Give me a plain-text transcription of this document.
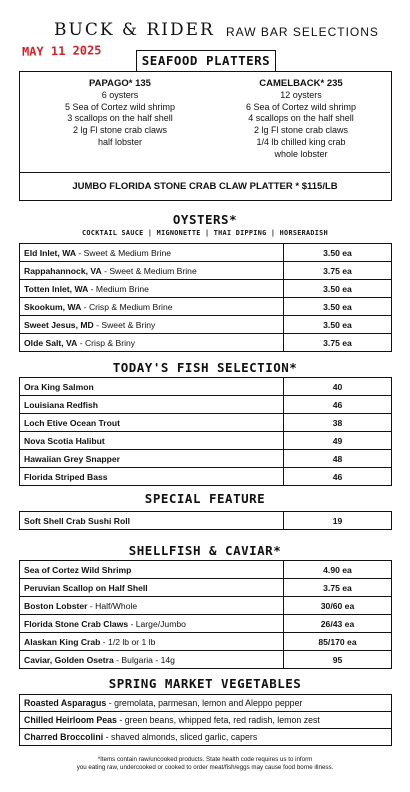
BUCK & RIDER RAW BAR SELECTIONS
MAY 11 2025
SEAFOOD PLATTERS
PAPAGO* 135
6 oysters
5 Sea of Cortez wild shrimp
3 scallops on the half shell
2 lg Fl stone crab claws
half lobster
CAMELBACK* 235
12 oysters
6 Sea of Cortez wild shrimp
4 scallops on the half shell
2 lg Fl stone crab claws
1/4 lb chilled king crab
whole lobster
JUMBO FLORIDA STONE CRAB CLAW PLATTER * $115/LB
OYSTERS*
COCKTAIL SAUCE | MIGNONETTE | THAI DIPPING | HORSERADISH
Eld Inlet, WA - Sweet & Medium Brine	3.50 ea
Rappahannock, VA - Sweet & Medium Brine	3.75 ea
Totten Inlet, WA - Medium Brine	3.50 ea
Skookum, WA - Crisp & Medium Brine	3.50 ea
Sweet Jesus, MD - Sweet & Briny	3.50 ea
Olde Salt, VA - Crisp & Briny	3.75 ea
TODAY'S FISH SELECTION*
Ora King Salmon	40
Louisiana Redfish	46
Loch Etive Ocean Trout	38
Nova Scotia Halibut	49
Hawaiian Grey Snapper	48
Florida Striped Bass	46
SPECIAL FEATURE
Soft Shell Crab Sushi Roll	19
SHELLFISH & CAVIAR*
Sea of Cortez Wild Shrimp	4.90 ea
Peruvian Scallop on Half Shell	3.75 ea
Boston Lobster - Half/Whole	30/60 ea
Florida Stone Crab Claws - Large/Jumbo	26/43 ea
Alaskan King Crab - 1/2 lb or 1 lb	85/170 ea
Caviar, Golden Osetra - Bulgaria - 14g	95
SPRING MARKET VEGETABLES
Roasted Asparagus - gremolata, parmesan, lemon and Aleppo pepper
Chilled Heirloom Peas - green beans, whipped feta, red radish, lemon zest
Charred Broccolini - shaved almonds, sliced garlic, capers
*Items contain raw/uncooked products. State health code requires us to inform
you eating raw, undercooked or cooked to order meat/fish/eggs may cause food borne illness.
